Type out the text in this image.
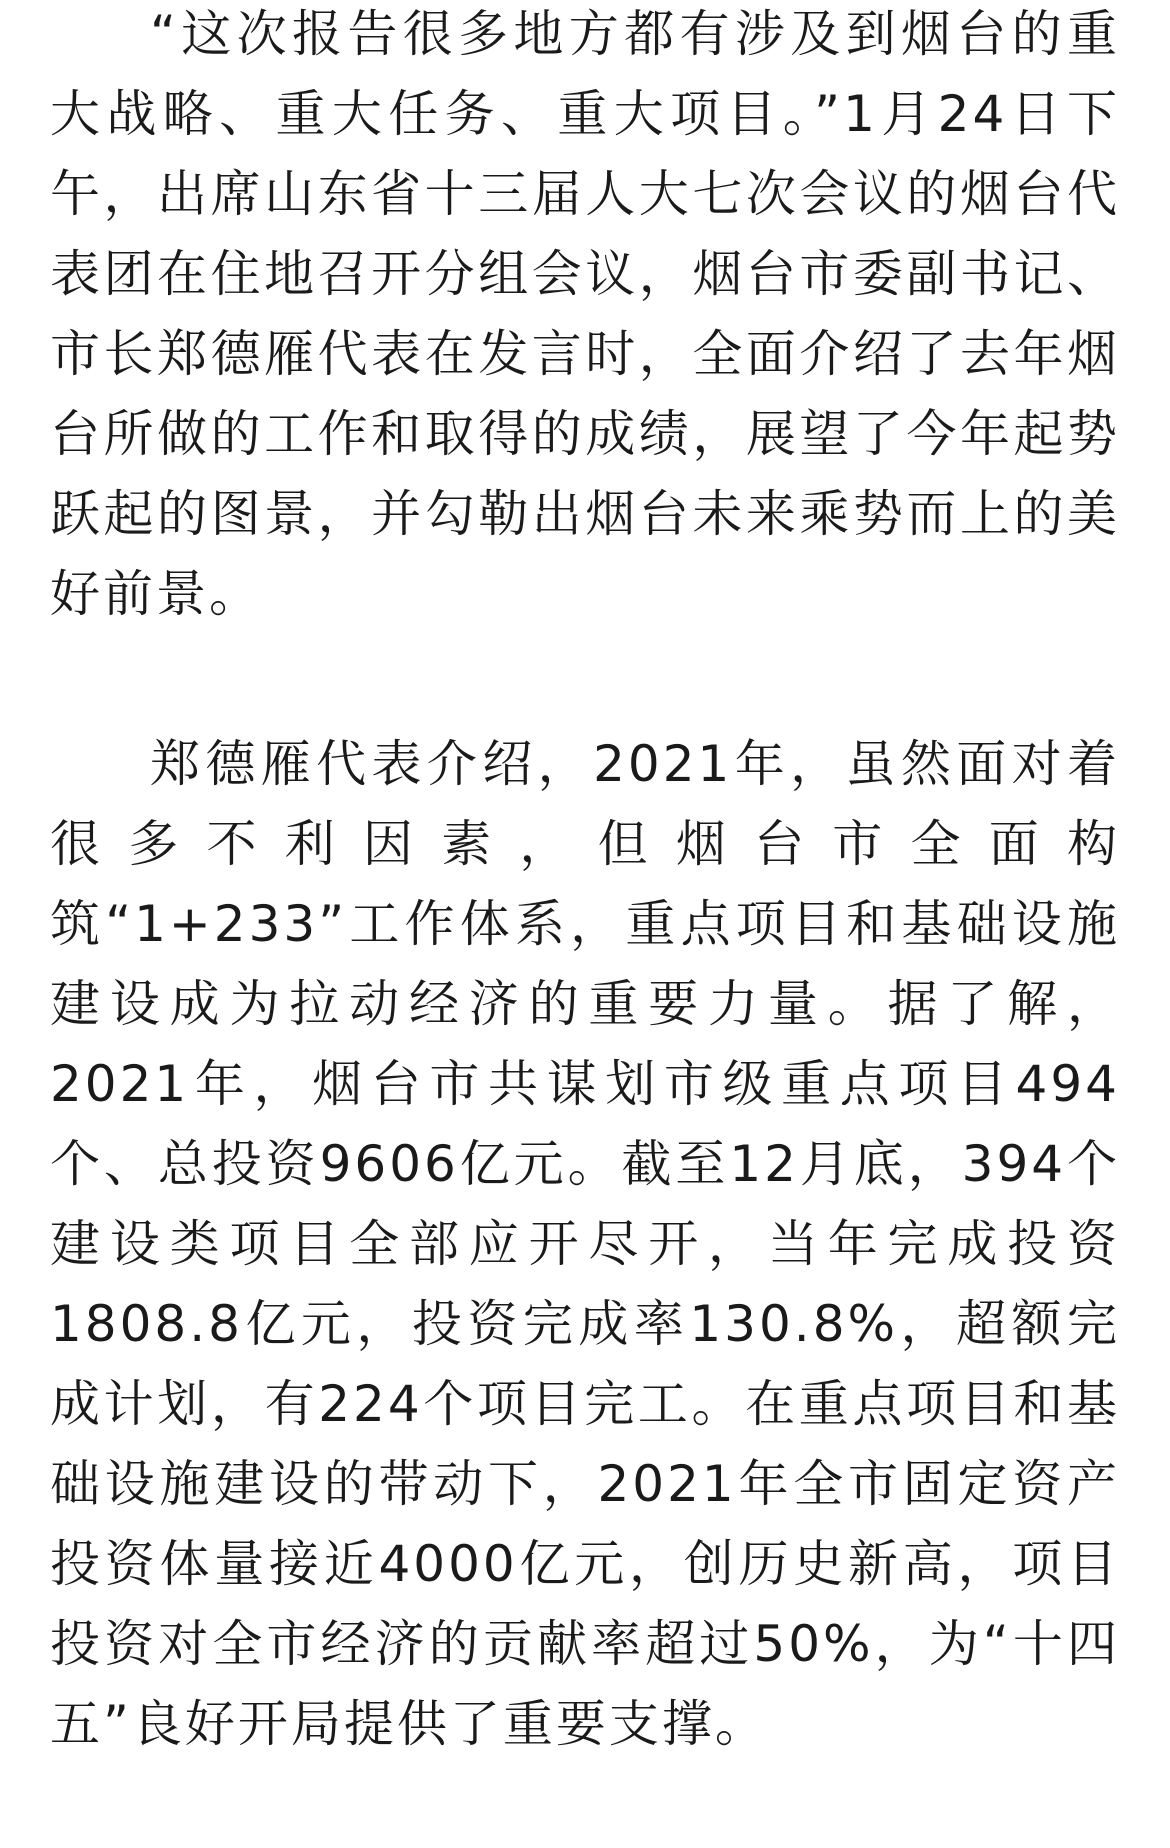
“这次报告很多地方都有涉及到烟台的重大战略、重大任务、重大项目。”1月24日下午，出席山东省十三届人大七次会议的烟台代表团在住地召开分组会议，烟台市委副书记、市长郑德雁代表在发言时，全面介绍了去年烟台所做的工作和取得的成绩，展望了今年起势跃起的图景，并勾勒出烟台未来乘势而上的美好前景。

郑德雁代表介绍，2021年，虽然面对着很多不利因素，但烟台市全面构筑“1+233”工作体系，重点项目和基础设施建设成为拉动经济的重要力量。据了解，2021年，烟台市共谋划市级重点项目494个、总投资9606亿元。截至12月底，394个建设类项目全部应开尽开，当年完成投资1808.8亿元，投资完成率130.8%，超额完成计划，有224个项目完工。在重点项目和基础设施建设的带动下，2021年全市固定资产投资体量接近4000亿元，创历史新高，项目投资对全市经济的贡献率超过50%，为“十四五”良好开局提供了重要支撑。
